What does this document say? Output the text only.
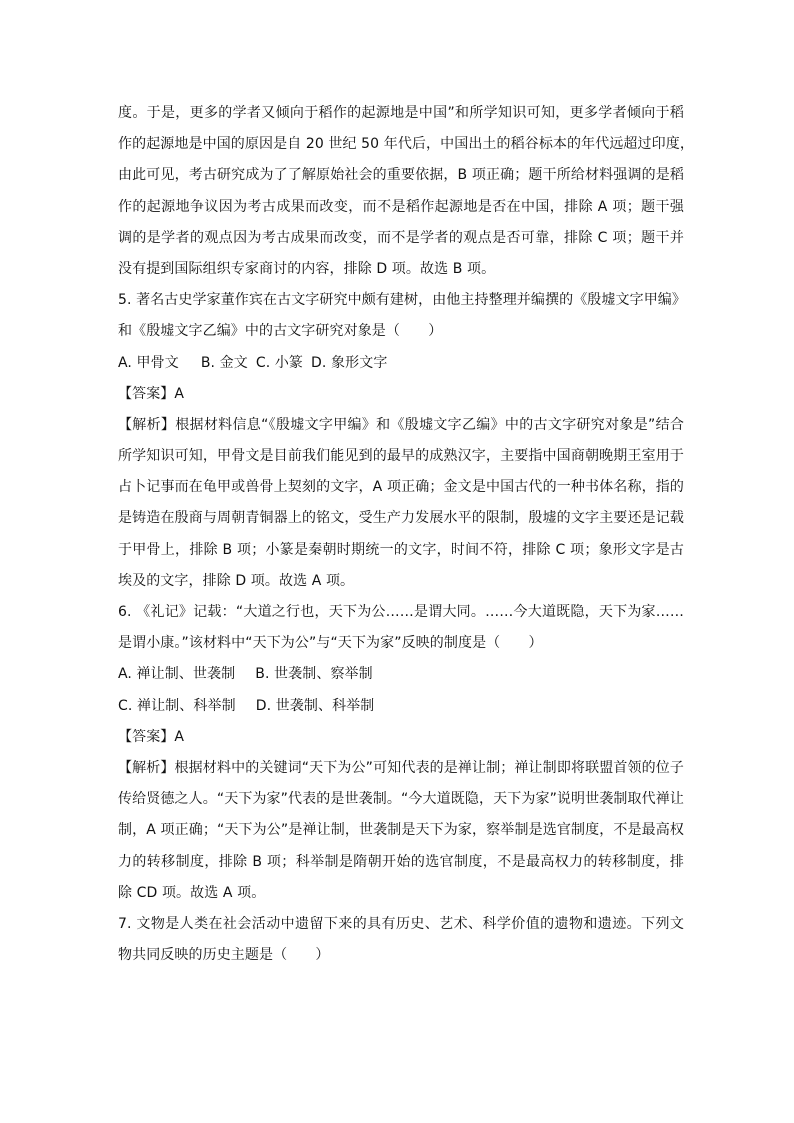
度。于是，更多的学者又倾向于稻作的起源地是中国”和所学知识可知，更多学者倾向于稻
作的起源地是中国的原因是自 20 世纪 50 年代后，中国出土的稻谷标本的年代远超过印度，
由此可见，考古研究成为了了解原始社会的重要依据，B 项正确；题干所给材料强调的是稻
作的起源地争议因为考古成果而改变，而不是稻作起源地是否在中国，排除 A 项；题干强
调的是学者的观点因为考古成果而改变，而不是学者的观点是否可靠，排除 C 项；题干并
没有提到国际组织专家商讨的内容，排除 D 项。故选 B 项。
5. 著名古史学家董作宾在古文字研究中颇有建树，由他主持整理并编撰的《殷墟文字甲编》
和《殷墟文字乙编》中的古文字研究对象是（　　）
A. 甲骨文 B. 金文 C. 小篆 D. 象形文字
【答案】A
【解析】根据材料信息“《殷墟文字甲编》和《殷墟文字乙编》中的古文字研究对象是”结合
所学知识可知，甲骨文是目前我们能见到的最早的成熟汉字，主要指中国商朝晚期王室用于
占卜记事而在龟甲或兽骨上契刻的文字，A 项正确；金文是中国古代的一种书体名称，指的
是铸造在殷商与周朝青铜器上的铭文，受生产力发展水平的限制，殷墟的文字主要还是记载
于甲骨上，排除 B 项；小篆是秦朝时期统一的文字，时间不符，排除 C 项；象形文字是古
埃及的文字，排除 D 项。故选 A 项。
6. 《礼记》记载：“大道之行也，天下为公……是谓大同。……今大道既隐，天下为家……
是谓小康。”该材料中“天下为公”与“天下为家”反映的制度是（　　）
A. 禅让制、世袭制 B. 世袭制、察举制
C. 禅让制、科举制 D. 世袭制、科举制
【答案】A
【解析】根据材料中的关键词“天下为公”可知代表的是禅让制；禅让制即将联盟首领的位子
传给贤德之人。“天下为家”代表的是世袭制。“今大道既隐，天下为家”说明世袭制取代禅让
制，A 项正确；“天下为公”是禅让制，世袭制是天下为家，察举制是选官制度，不是最高权
力的转移制度，排除 B 项；科举制是隋朝开始的选官制度，不是最高权力的转移制度，排
除 CD 项。故选 A 项。
7. 文物是人类在社会活动中遗留下来的具有历史、艺术、科学价值的遗物和遗迹。下列文
物共同反映的历史主题是（　　）
